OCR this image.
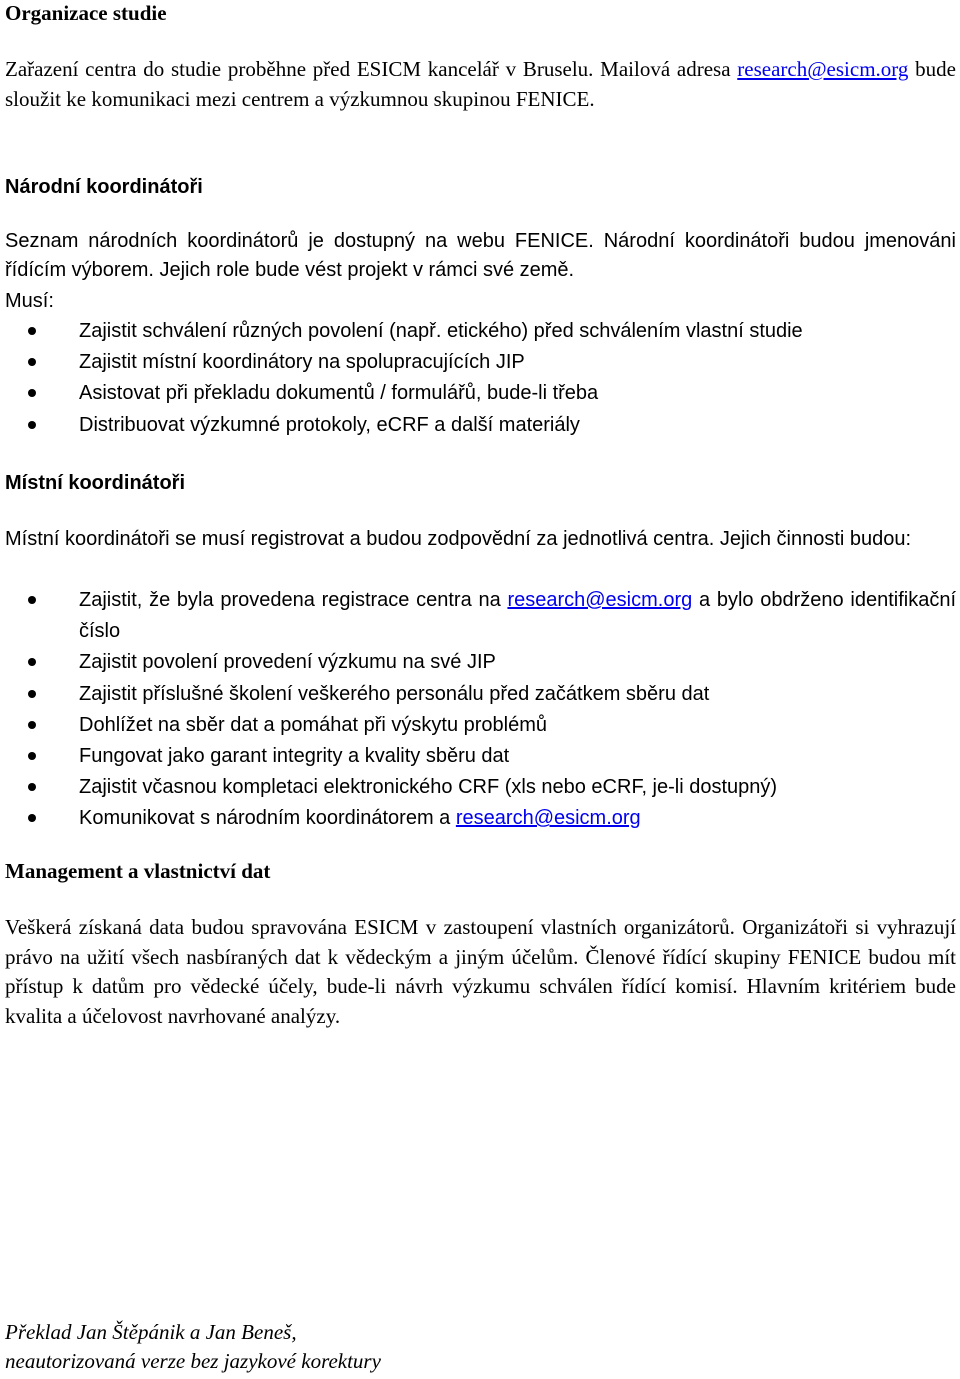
Organizace studie

Zařazení centra do studie proběhne před ESICM kancelář v Bruselu. Mailová adresa research@esicm.org bude sloužit ke komunikaci mezi centrem a výzkumnou skupinou FENICE.

Národní koordinátoři

Seznam národních koordinátorů je dostupný na webu FENICE. Národní koordinátoři budou jmenováni řídícím výborem. Jejich role bude vést projekt v rámci své země.

Musí:

Zajistit schválení různých povolení (např. etického) před schválením vlastní studie
Zajistit místní koordinátory na spolupracujících JIP
Asistovat při překladu dokumentů / formulářů, bude-li třeba
Distribuovat výzkumné protokoly, eCRF a další materiály
Místní koordinátoři

Místní koordinátoři se musí registrovat a budou zodpovědní za jednotlivá centra. Jejich činnosti budou:

Zajistit, že byla provedena registrace centra na research@esicm.org a bylo obdrženo identifikační číslo
Zajistit povolení provedení výzkumu na své JIP
Zajistit příslušné školení veškerého personálu před začátkem sběru dat
Dohlížet na sběr dat a pomáhat při výskytu problémů
Fungovat jako garant integrity a kvality sběru dat
Zajistit včasnou kompletaci elektronického CRF (xls nebo eCRF, je-li dostupný)
Komunikovat s národním koordinátorem a research@esicm.org
Management a vlastnictví dat

Veškerá získaná data budou spravována ESICM v zastoupení vlastních organizátorů. Organizátoři si vyhrazují právo na užití všech nasbíraných dat k vědeckým a jiným účelům. Členové řídící skupiny FENICE budou mít přístup k datům pro vědecké účely, bude-li návrh výzkumu schválen řídící komisí. Hlavním kritériem bude kvalita a účelovost navrhované analýzy.

Překlad Jan Štěpánik a Jan Beneš,
neautorizovaná verze bez jazykové korektury
